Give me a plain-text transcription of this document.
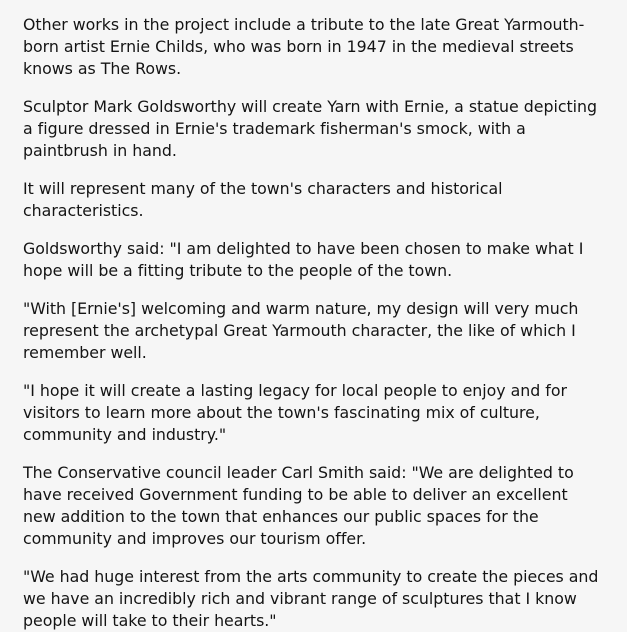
Other works in the project include a tribute to the late Great Yarmouth-born artist Ernie Childs, who was born in 1947 in the medieval streets knows as The Rows.

Sculptor Mark Goldsworthy will create Yarn with Ernie, a statue depicting a figure dressed in Ernie's trademark fisherman's smock, with a paintbrush in hand.

It will represent many of the town's characters and historical characteristics.

Goldsworthy said: "I am delighted to have been chosen to make what I hope will be a fitting tribute to the people of the town.

"With [Ernie's] welcoming and warm nature, my design will very much represent the archetypal Great Yarmouth character, the like of which I remember well.

"I hope it will create a lasting legacy for local people to enjoy and for visitors to learn more about the town's fascinating mix of culture, community and industry."

The Conservative council leader Carl Smith said: "We are delighted to have received Government funding to be able to deliver an excellent new addition to the town that enhances our public spaces for the community and improves our tourism offer.

"We had huge interest from the arts community to create the pieces and we have an incredibly rich and vibrant range of sculptures that I know people will take to their hearts."
